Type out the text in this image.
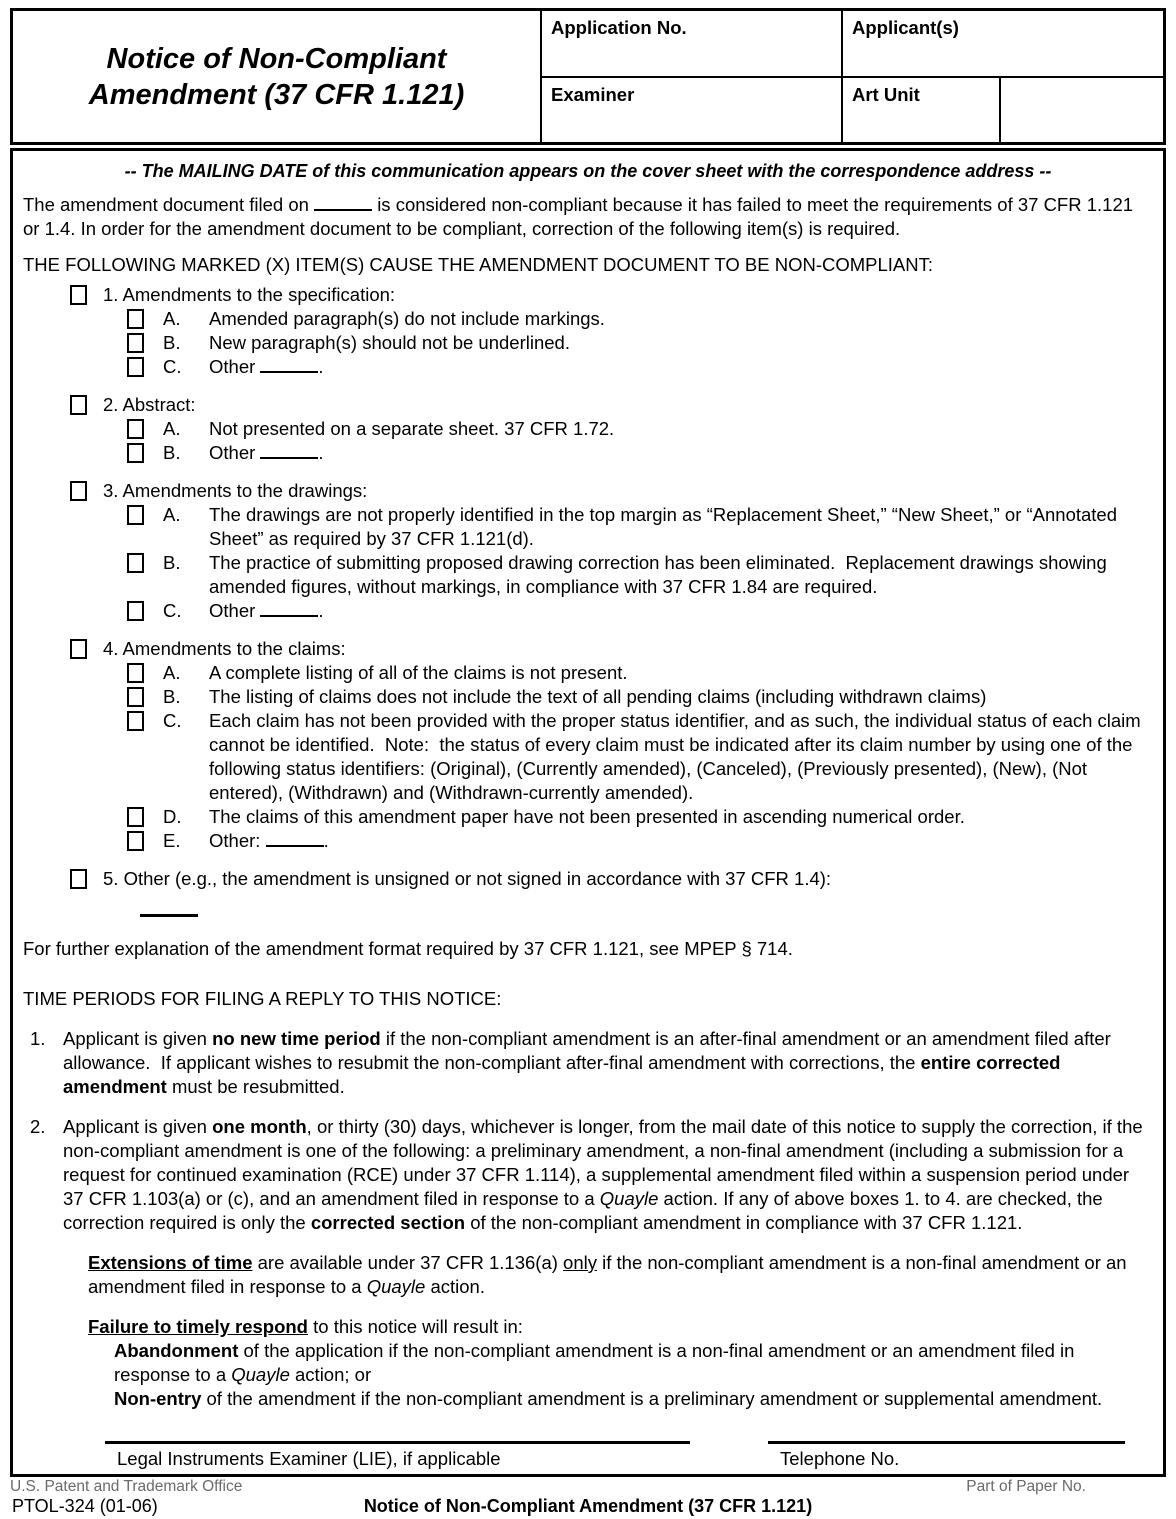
Notice of Non-Compliant
Amendment (37 CFR 1.121)
Application No.	Applicant(s)
Examiner	Art Unit
-- The MAILING DATE of this communication appears on the cover sheet with the correspondence address --
The amendment document filed on	is considered non-compliant because it has failed to meet the requirements of 37 CFR 1.121 or 1.4. In order for the amendment document to be compliant, correction of the following item(s) is required.
THE FOLLOWING MARKED (X) ITEM(S) CAUSE THE AMENDMENT DOCUMENT TO BE NON-COMPLIANT:
1. Amendments to the specification:
A.	Amended paragraph(s) do not include markings.
B.	New paragraph(s) should not be underlined.
C.	Other	.
2. Abstract:
A.	Not presented on a separate sheet. 37 CFR 1.72.
B.	Other	.
3. Amendments to the drawings:
A.	The drawings are not properly identified in the top margin as “Replacement Sheet,” “New Sheet,” or “Annotated Sheet” as required by 37 CFR 1.121(d).
B.	The practice of submitting proposed drawing correction has been eliminated.  Replacement drawings showing amended figures, without markings, in compliance with 37 CFR 1.84 are required.
C.	Other	.
4. Amendments to the claims:
A.	A complete listing of all of the claims is not present.
B.	The listing of claims does not include the text of all pending claims (including withdrawn claims)
C.	Each claim has not been provided with the proper status identifier, and as such, the individual status of each claim cannot be identified.  Note:  the status of every claim must be indicated after its claim number by using one of the following status identifiers: (Original), (Currently amended), (Canceled), (Previously presented), (New), (Not entered), (Withdrawn) and (Withdrawn-currently amended).
D.	The claims of this amendment paper have not been presented in ascending numerical order.
E.	Other:	.
5. Other (e.g., the amendment is unsigned or not signed in accordance with 37 CFR 1.4):
For further explanation of the amendment format required by 37 CFR 1.121, see MPEP § 714.
TIME PERIODS FOR FILING A REPLY TO THIS NOTICE:
1. Applicant is given no new time period if the non-compliant amendment is an after-final amendment or an amendment filed after allowance.  If applicant wishes to resubmit the non-compliant after-final amendment with corrections, the entire corrected amendment must be resubmitted.
2. Applicant is given one month, or thirty (30) days, whichever is longer, from the mail date of this notice to supply the correction, if the non-compliant amendment is one of the following: a preliminary amendment, a non-final amendment (including a submission for a request for continued examination (RCE) under 37 CFR 1.114), a supplemental amendment filed within a suspension period under 37 CFR 1.103(a) or (c), and an amendment filed in response to a Quayle action. If any of above boxes 1. to 4. are checked, the correction required is only the corrected section of the non-compliant amendment in compliance with 37 CFR 1.121.
Extensions of time are available under 37 CFR 1.136(a) only if the non-compliant amendment is a non-final amendment or an amendment filed in response to a Quayle action.
Failure to timely respond to this notice will result in:
Abandonment of the application if the non-compliant amendment is a non-final amendment or an amendment filed in response to a Quayle action; or
Non-entry of the amendment if the non-compliant amendment is a preliminary amendment or supplemental amendment.
Legal Instruments Examiner (LIE), if applicable	Telephone No.
U.S. Patent and Trademark Office	Part of Paper No.
PTOL-324 (01-06)	Notice of Non-Compliant Amendment (37 CFR 1.121)
